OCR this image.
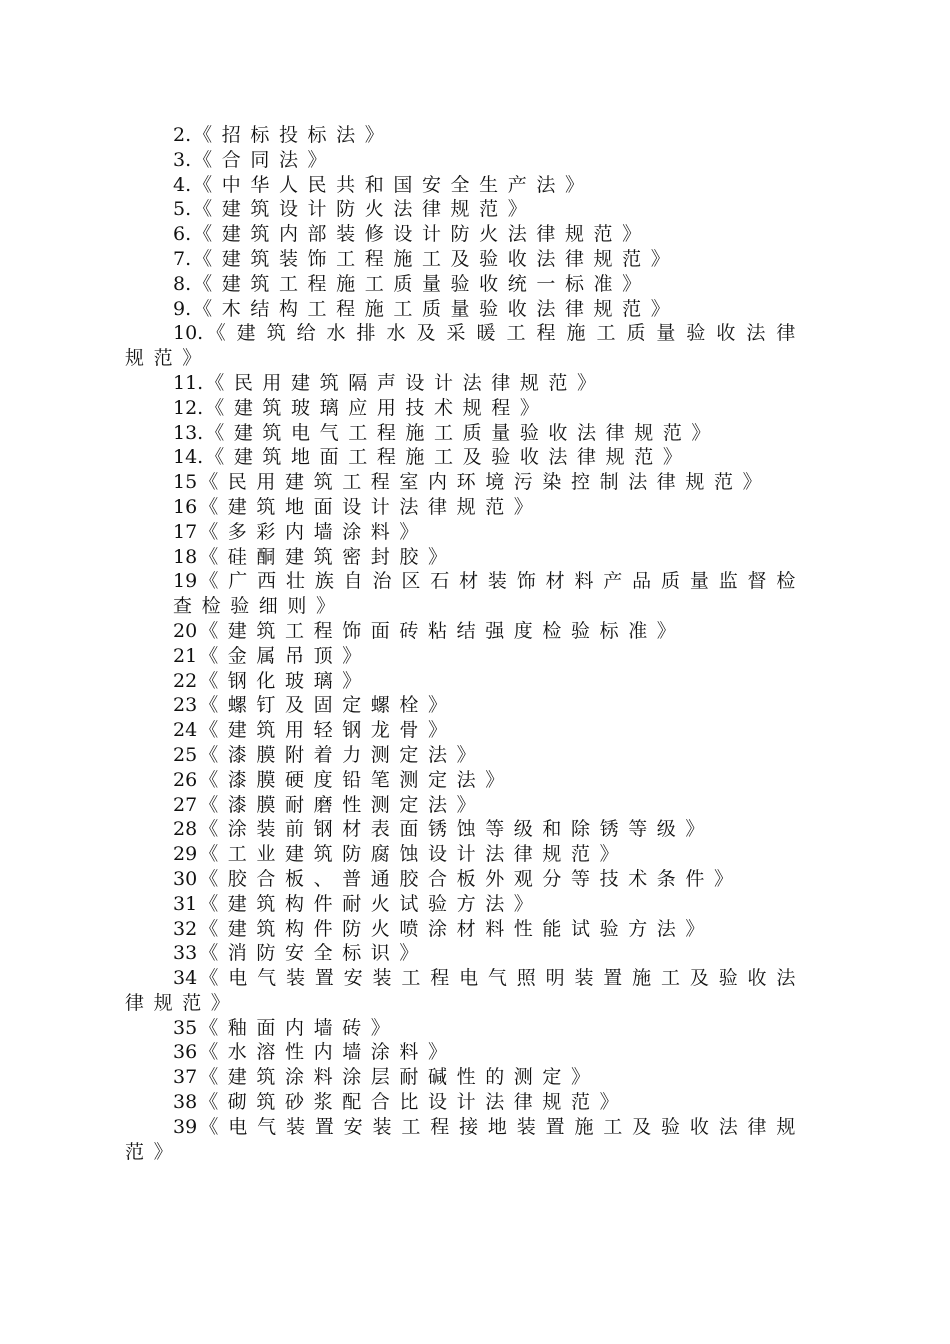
2. 《招标投标法》
3. 《合同法》
4. 《中华人民共和国安全生产法》
5. 《建筑设计防火法律规范》
6. 《建筑内部装修设计防火法律规范》
7. 《建筑装饰工程施工及验收法律规范》
8. 《建筑工程施工质量验收统一标准》
9. 《木结构工程施工质量验收法律规范》
10. 《建筑给水排水及采暖工程施工质量验收法律规范》
11. 《民用建筑隔声设计法律规范》
12. 《建筑玻璃应用技术规程》
13. 《建筑电气工程施工质量验收法律规范》
14. 《建筑地面工程施工及验收法律规范》
15 《民用建筑工程室内环境污染控制法律规范》
16 《建筑地面设计法律规范》
17 《多彩内墙涂料》
18 《硅酮建筑密封胶》
19 《广西壮族自治区石材装饰材料产品质量监督检查检验细则》
20 《建筑工程饰面砖粘结强度检验标准》
21 《金属吊顶》
22 《钢化玻璃》
23 《螺钉及固定螺栓》
24 《建筑用轻钢龙骨》
25 《漆膜附着力测定法》
26 《漆膜硬度铅笔测定法》
27 《漆膜耐磨性测定法》
28 《涂装前钢材表面锈蚀等级和除锈等级》
29 《工业建筑防腐蚀设计法律规范》
30 《胶合板、普通胶合板外观分等技术条件》
31 《建筑构件耐火试验方法》
32 《建筑构件防火喷涂材料性能试验方法》
33 《消防安全标识》
34 《电气装置安装工程电气照明装置施工及验收法律规范》
35 《釉面内墙砖》
36 《水溶性内墙涂料》
37 《建筑涂料涂层耐碱性的测定》
38 《砌筑砂浆配合比设计法律规范》
39 《电气装置安装工程接地装置施工及验收法律规范》
